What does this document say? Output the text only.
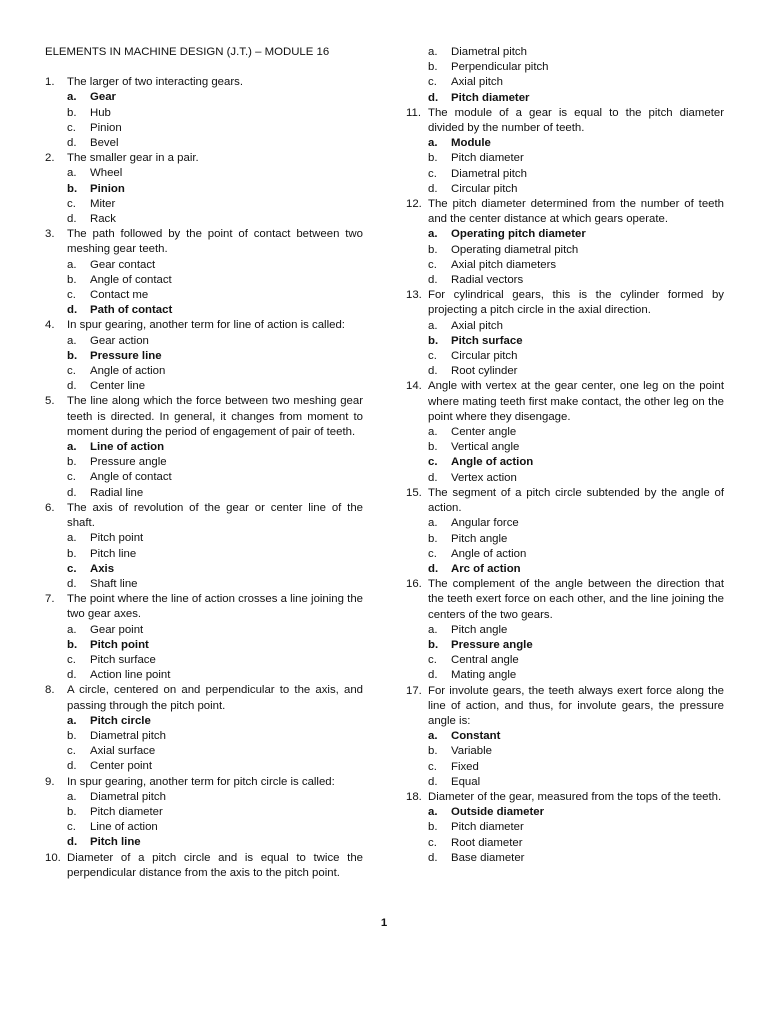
ELEMENTS IN MACHINE DESIGN (J.T.) – MODULE 16
1.	The larger of two interacting gears.
a.	Gear
b.	Hub
c.	Pinion
d.	Bevel
2.	The smaller gear in a pair.
a.	Wheel
b.	Pinion
c.	Miter
d.	Rack
3.	The path followed by the point of contact between two meshing gear teeth.
a.	Gear contact
b.	Angle of contact
c.	Contact me
d.	Path of contact
4.	In spur gearing, another term for line of action is called:
a.	Gear action
b.	Pressure line
c.	Angle of action
d.	Center line
5.	The line along which the force between two meshing gear teeth is directed. In general, it changes from moment to moment during the period of engagement of pair of teeth.
a.	Line of action
b.	Pressure angle
c.	Angle of contact
d.	Radial line
6.	The axis of revolution of the gear or center line of the shaft.
a.	Pitch point
b.	Pitch line
c.	Axis
d.	Shaft line
7.	The point where the line of action crosses a line joining the two gear axes.
a.	Gear point
b.	Pitch point
c.	Pitch surface
d.	Action line point
8.	A circle, centered on and perpendicular to the axis, and passing through the pitch point.
a.	Pitch circle
b.	Diametral pitch
c.	Axial surface
d.	Center point
9.	In spur gearing, another term for pitch circle is called:
a.	Diametral pitch
b.	Pitch diameter
c.	Line of action
d.	Pitch line
10. Diameter of a pitch circle and is equal to twice the perpendicular distance from the axis to the pitch point.
a.	Diametral pitch
b.	Perpendicular pitch
c.	Axial pitch
d.	Pitch diameter
11. The module of a gear is equal to the pitch diameter divided by the number of teeth.
a.	Module
b.	Pitch diameter
c.	Diametral pitch
d.	Circular pitch
12. The pitch diameter determined from the number of teeth and the center distance at which gears operate.
a.	Operating pitch diameter
b.	Operating diametral pitch
c.	Axial pitch diameters
d.	Radial vectors
13. For cylindrical gears, this is the cylinder formed by projecting a pitch circle in the axial direction.
a.	Axial pitch
b.	Pitch surface
c.	Circular pitch
d.	Root cylinder
14. Angle with vertex at the gear center, one leg on the point where mating teeth first make contact, the other leg on the point where they disengage.
a.	Center angle
b.	Vertical angle
c.	Angle of action
d.	Vertex action
15. The segment of a pitch circle subtended by the angle of action.
a.	Angular force
b.	Pitch angle
c.	Angle of action
d.	Arc of action
16. The complement of the angle between the direction that the teeth exert force on each other, and the line joining the centers of the two gears.
a.	Pitch angle
b.	Pressure angle
c.	Central angle
d.	Mating angle
17. For involute gears, the teeth always exert force along the line of action, and thus, for involute gears, the pressure angle is:
a.	Constant
b.	Variable
c.	Fixed
d.	Equal
18. Diameter of the gear, measured from the tops of the teeth.
a.	Outside diameter
b.	Pitch diameter
c.	Root diameter
d.	Base diameter
1
